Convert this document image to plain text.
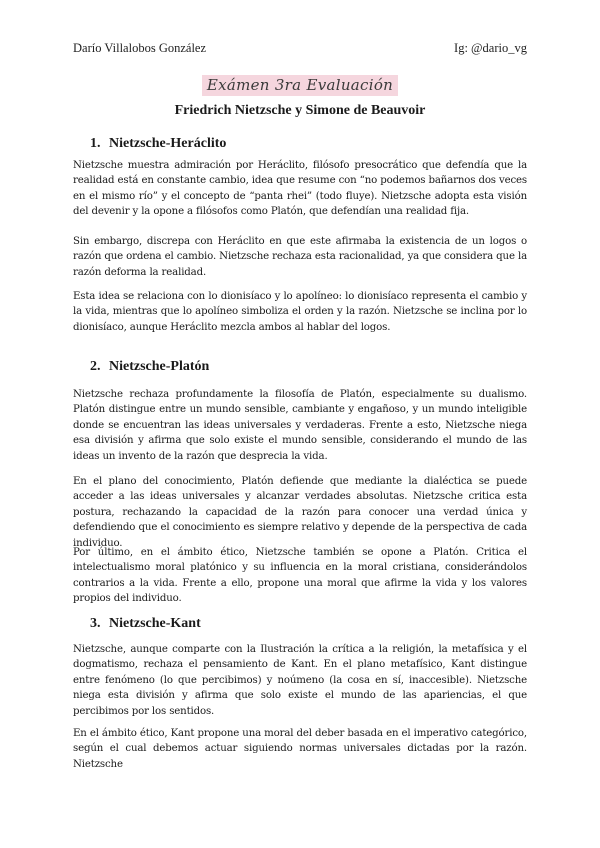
Darío Villalobos González	Ig: @dario_vg
Exámen 3ra Evaluación
Friedrich Nietzsche y Simone de Beauvoir
1. Nietzsche-Heráclito

Nietzsche muestra admiración por Heráclito, filósofo presocrático que defendía que la realidad está en constante cambio, idea que resume con “no podemos bañarnos dos veces en el mismo río” y el concepto de “panta rhei” (todo fluye). Nietzsche adopta esta visión del devenir y la opone a filósofos como Platón, que defendían una realidad fija.

Sin embargo, discrepa con Heráclito en que este afirmaba la existencia de un logos o razón que ordena el cambio. Nietzsche rechaza esta racionalidad, ya que considera que la razón deforma la realidad.

Esta idea se relaciona con lo dionisíaco y lo apolíneo: lo dionisíaco representa el cambio y la vida, mientras que lo apolíneo simboliza el orden y la razón. Nietzsche se inclina por lo dionisíaco, aunque Heráclito mezcla ambos al hablar del logos.

2. Nietzsche-Platón

Nietzsche rechaza profundamente la filosofía de Platón, especialmente su dualismo. Platón distingue entre un mundo sensible, cambiante y engañoso, y un mundo inteligible donde se encuentran las ideas universales y verdaderas. Frente a esto, Nietzsche niega esa división y afirma que solo existe el mundo sensible, considerando el mundo de las ideas un invento de la razón que desprecia la vida.

En el plano del conocimiento, Platón defiende que mediante la dialéctica se puede acceder a las ideas universales y alcanzar verdades absolutas. Nietzsche critica esta postura, rechazando la capacidad de la razón para conocer una verdad única y defendiendo que el conocimiento es siempre relativo y depende de la perspectiva de cada individuo.

Por último, en el ámbito ético, Nietzsche también se opone a Platón. Critica el intelectualismo moral platónico y su influencia en la moral cristiana, considerándolos contrarios a la vida. Frente a ello, propone una moral que afirme la vida y los valores propios del individuo.

3. Nietzsche-Kant

Nietzsche, aunque comparte con la Ilustración la crítica a la religión, la metafísica y el dogmatismo, rechaza el pensamiento de Kant. En el plano metafísico, Kant distingue entre fenómeno (lo que percibimos) y noúmeno (la cosa en sí, inaccesible). Nietzsche niega esta división y afirma que solo existe el mundo de las apariencias, el que percibimos por los sentidos.

En el ámbito ético, Kant propone una moral del deber basada en el imperativo categórico, según el cual debemos actuar siguiendo normas universales dictadas por la razón. Nietzsche
